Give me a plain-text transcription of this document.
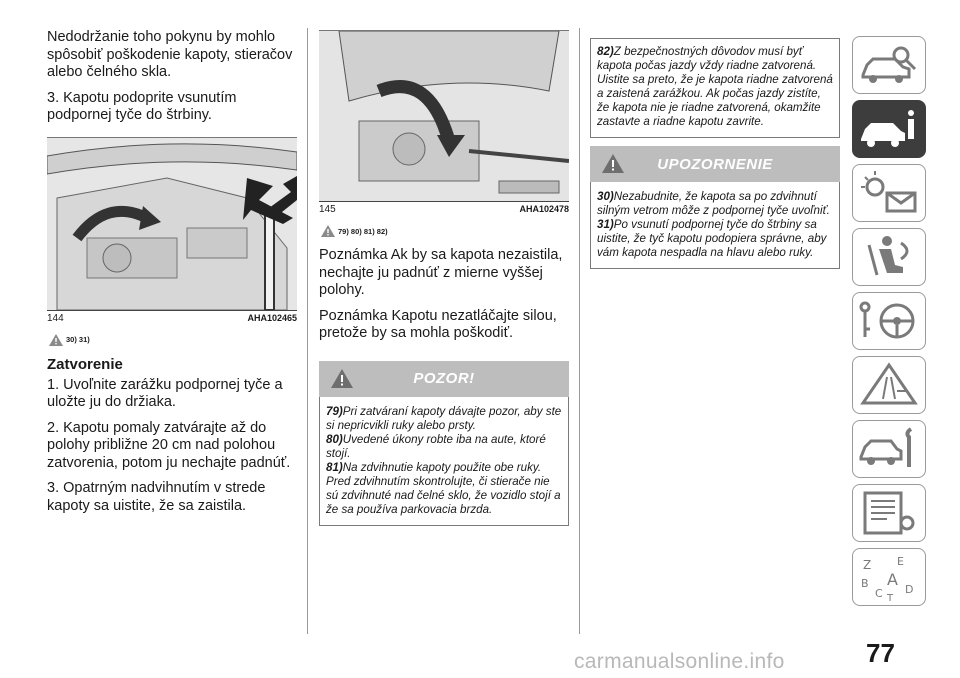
Nedodržanie toho pokynu by mohlo spôsobiť poškodenie kapoty, stieračov alebo čelného skla.

3. Kapotu podoprite vsunutím podpornej tyče do štrbiny.

144	AHA102465
30) 31)
Zatvorenie

1. Uvoľnite zarážku podpornej tyče a uložte ju do držiaka.

2. Kapotu pomaly zatvárajte až do polohy približne 20 cm nad polohou zatvorenia, potom ju nechajte padnúť.

3. Opatrným nadvihnutím v strede kapoty sa uistite, že sa zaistila.

145	AHA102478
79) 80) 81) 82)

Poznámka Ak by sa kapota nezaistila, nechajte ju padnúť z mierne vyššej polohy.

Poznámka Kapotu nezatláčajte silou, pretože by sa mohla poškodiť.

POZOR!

79)Pri zatváraní kapoty dávajte pozor, aby ste si nepricvikli ruky alebo prsty.

80)Uvedené úkony robte iba na aute, ktoré stojí.

81)Na zdvihnutie kapoty použite obe ruky. Pred zdvihnutím skontrolujte, či stierače nie sú zdvihnuté nad čelné sklo, že vozidlo stojí a že sa používa parkovacia brzda.

82)Z bezpečnostných dôvodov musí byť kapota počas jazdy vždy riadne zatvorená. Uistite sa preto, že je kapota riadne zatvorená a zaistená zarážkou. Ak počas jazdy zistíte, že kapota nie je riadne zatvorená, okamžite zastavte a riadne kapotu zavrite.
UPOZORNENIE

30)Nezabudnite, že kapota sa po zdvihnutí silným vetrom môže z podpornej tyče uvoľniť.

31)Po vsunutí podpornej tyče do štrbiny sa uistite, že tyč kapotu podopiera správne, aby vám kapota nespadla na hlavu alebo ruky.

Z E
B A
C D
T
77
carmanualsonline.info
